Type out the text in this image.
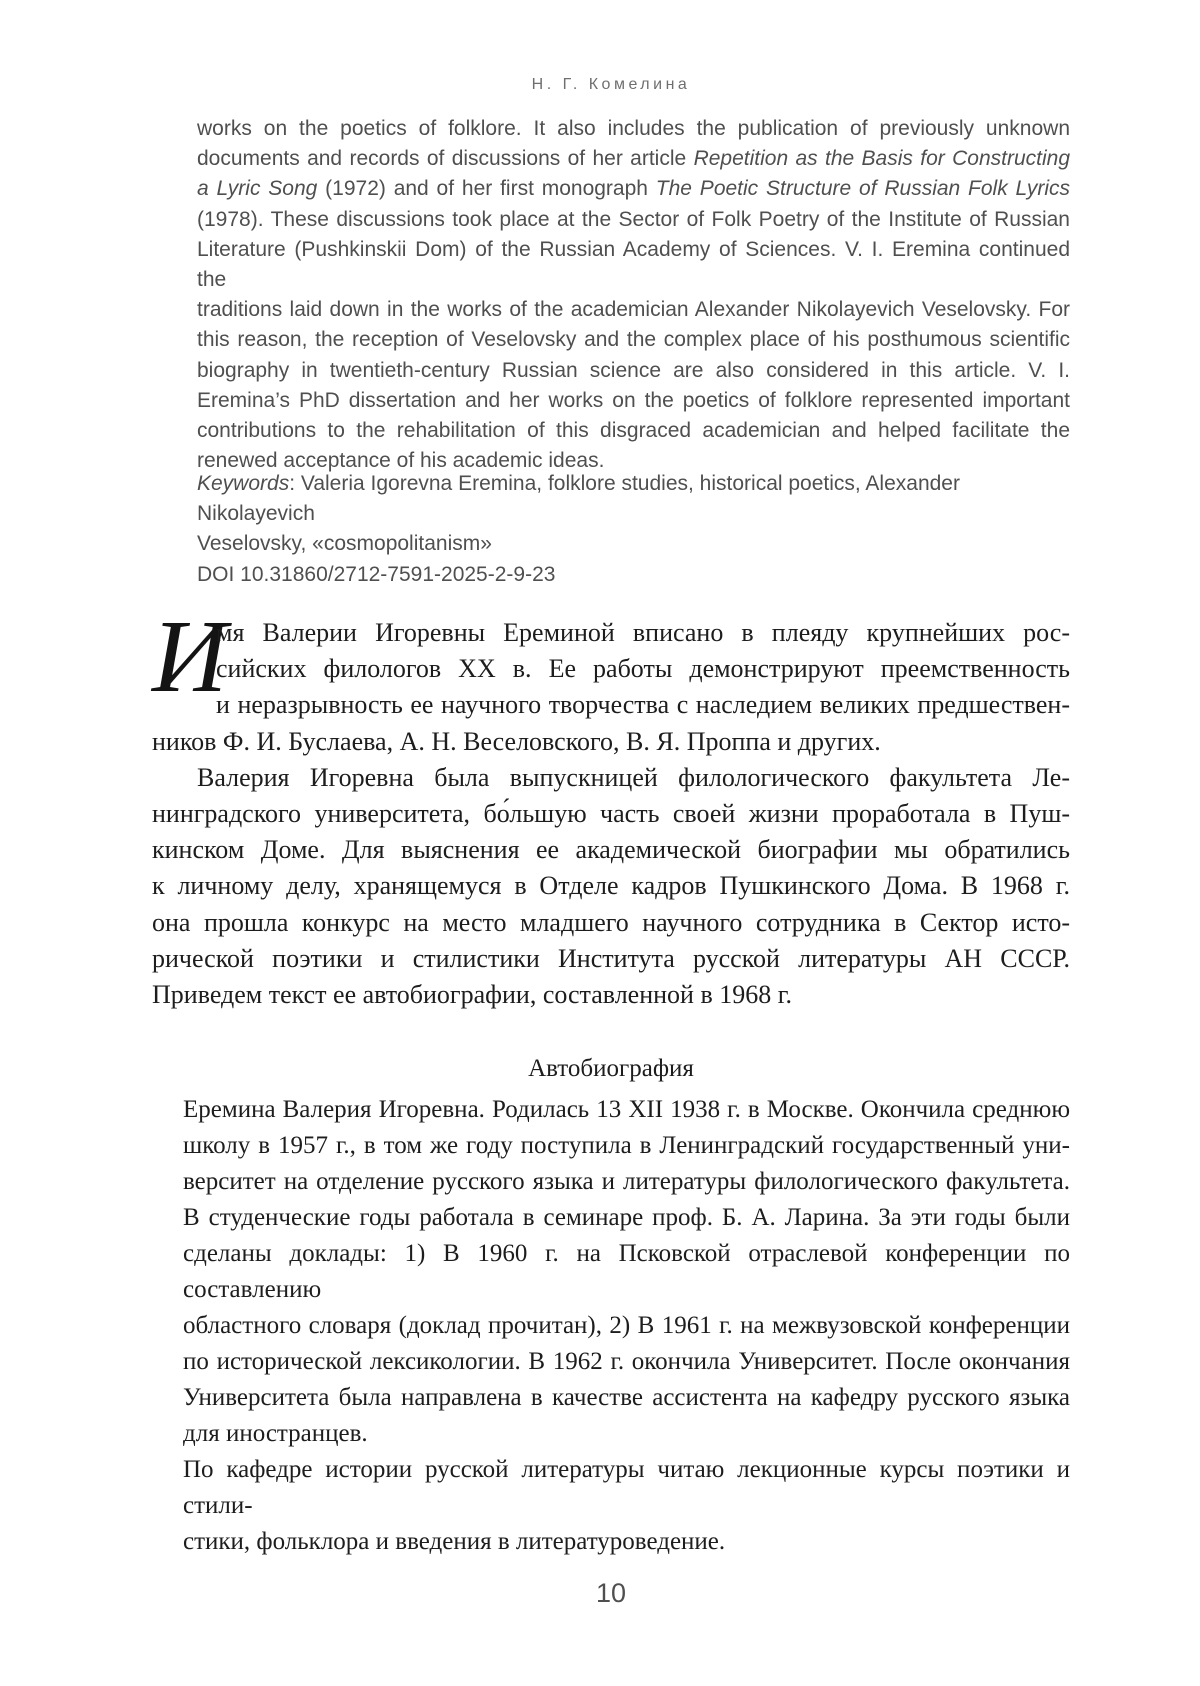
Н. Г. Комелина
works on the poetics of folklore. It also includes the publication of previously unknown
documents and records of discussions of her article Repetition as the Basis for Constructing
a Lyric Song (1972) and of her first monograph The Poetic Structure of Russian Folk Lyrics
(1978). These discussions took place at the Sector of Folk Poetry of the Institute of Russian
Literature (Pushkinskii Dom) of the Russian Academy of Sciences. V. I. Eremina continued the
traditions laid down in the works of the academician Alexander Nikolayevich Veselovsky. For
this reason, the reception of Veselovsky and the complex place of his posthumous scientific
biography in twentieth-century Russian science are also considered in this article. V. I.
Eremina’s PhD dissertation and her works on the poetics of folklore represented important
contributions to the rehabilitation of this disgraced academician and helped facilitate the
renewed acceptance of his academic ideas.
Keywords: Valeria Igorevna Eremina, folklore studies, historical poetics, Alexander Nikolayevich
Veselovsky, «cosmopolitanism»
DOI 10.31860/2712-7591-2025-2-9-23
И
мя Валерии Игоревны Ереминой вписано в плеяду крупнейших рос-
сийских филологов XX в. Ее работы демонстрируют преемственность
и неразрывность ее научного творчества с наследием великих предшествен-
ников Ф. И. Буслаева, А. Н. Веселовского, В. Я. Проппа и других.
Валерия Игоревна была выпускницей филологического факультета Ле-
нинградского университета, бо́льшую часть своей жизни проработала в Пуш-
кинском Доме. Для выяснения ее академической биографии мы обратились
к личному делу, хранящемуся в Отделе кадров Пушкинского Дома. В 1968 г.
она прошла конкурс на место младшего научного сотрудника в Сектор исто-
рической поэтики и стилистики Института русской литературы АН СССР.
Приведем текст ее автобиографии, составленной в 1968 г.
Автобиография
Еремина Валерия Игоревна. Родилась 13 XII 1938 г. в Москве. Окончила среднюю
школу в 1957 г., в том же году поступила в Ленинградский государственный уни-
верситет на отделение русского языка и литературы филологического факультета.
В студенческие годы работала в семинаре проф. Б. А. Ларина. За эти годы были
сделаны доклады: 1) В 1960 г. на Псковской отраслевой конференции по составлению
областного словаря (доклад прочитан), 2) В 1961 г. на межвузовской конференции
по исторической лексикологии. В 1962 г. окончила Университет. После окончания
Университета была направлена в качестве ассистента на кафедру русского языка
для иностранцев.
По кафедре истории русской литературы читаю лекционные курсы поэтики и стили-
стики, фольклора и введения в литературоведение.
10
